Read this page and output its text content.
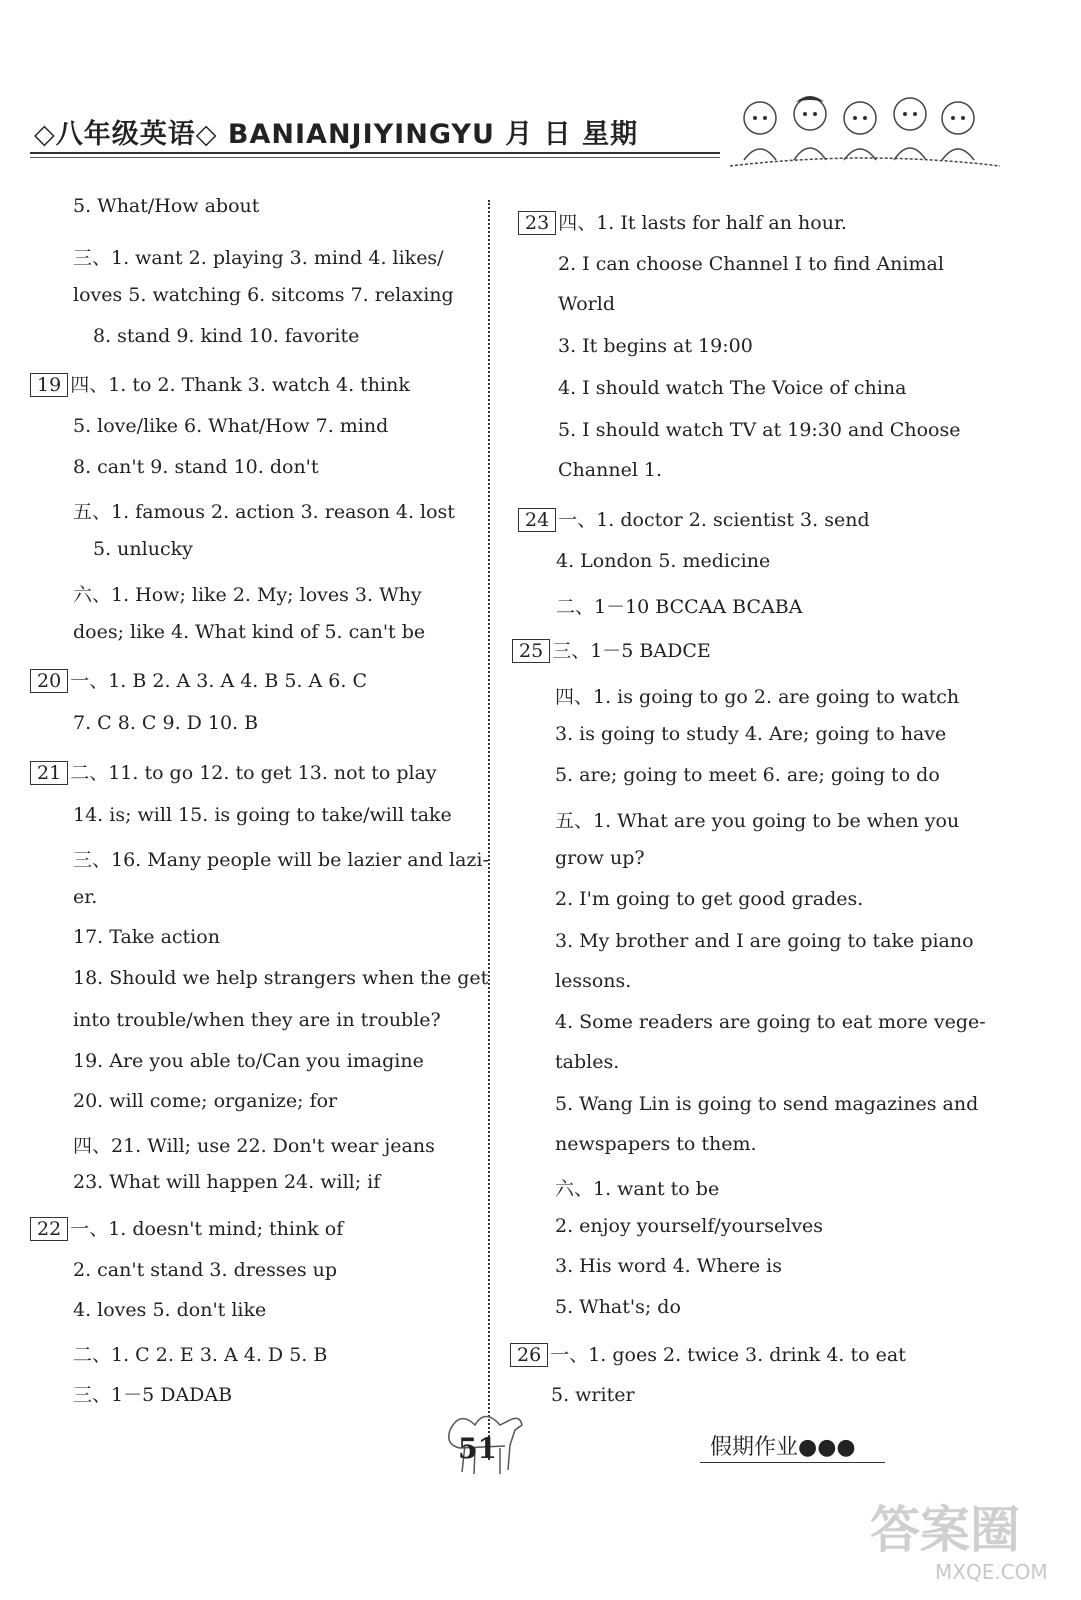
◇八年级英语◇ BANIANJIYINGYU 月 日 星期
5. What/How about
三、1. want 2. playing 3. mind 4. likes/
loves 5. watching 6. sitcoms 7. relaxing
8. stand 9. kind 10. favorite
19 四、1. to 2. Thank 3. watch 4. think
5. love/like 6. What/How 7. mind
8. can't 9. stand 10. don't
五、1. famous 2. action 3. reason 4. lost
5. unlucky
六、1. How; like 2. My; loves 3. Why
does; like 4. What kind of 5. can't be
20 一、1. B 2. A 3. A 4. B 5. A 6. C
7. C 8. C 9. D 10. B
21 二、11. to go 12. to get 13. not to play
14. is; will 15. is going to take/will take
三、16. Many people will be lazier and lazi-
er.
17. Take action
18. Should we help strangers when the get
into trouble/when they are in trouble?
19. Are you able to/Can you imagine
20. will come; organize; for
四、21. Will; use 22. Don't wear jeans
23. What will happen 24. will; if
22 一、1. doesn't mind; think of
2. can't stand 3. dresses up
4. loves 5. don't like
二、1. C 2. E 3. A 4. D 5. B
三、1－5 DADAB
23 四、1. It lasts for half an hour.
2. I can choose Channel I to find Animal
World
3. It begins at 19:00
4. I should watch The Voice of china
5. I should watch TV at 19:30 and Choose
Channel 1.
24 一、1. doctor 2. scientist 3. send
4. London 5. medicine
二、1－10 BCCAA BCABA
25 三、1－5 BADCE
四、1. is going to go 2. are going to watch
3. is going to study 4. Are; going to have
5. are; going to meet 6. are; going to do
五、1. What are you going to be when you
grow up?
2. I'm going to get good grades.
3. My brother and I are going to take piano
lessons.
4. Some readers are going to eat more vege-
tables.
5. Wang Lin is going to send magazines and
newspapers to them.
六、1. want to be
2. enjoy yourself/yourselves
3. His word 4. Where is
5. What's; do
26 一、1. goes 2. twice 3. drink 4. to eat
5. writer
51	假期作业●●●
答案圈
MXQE.COM
